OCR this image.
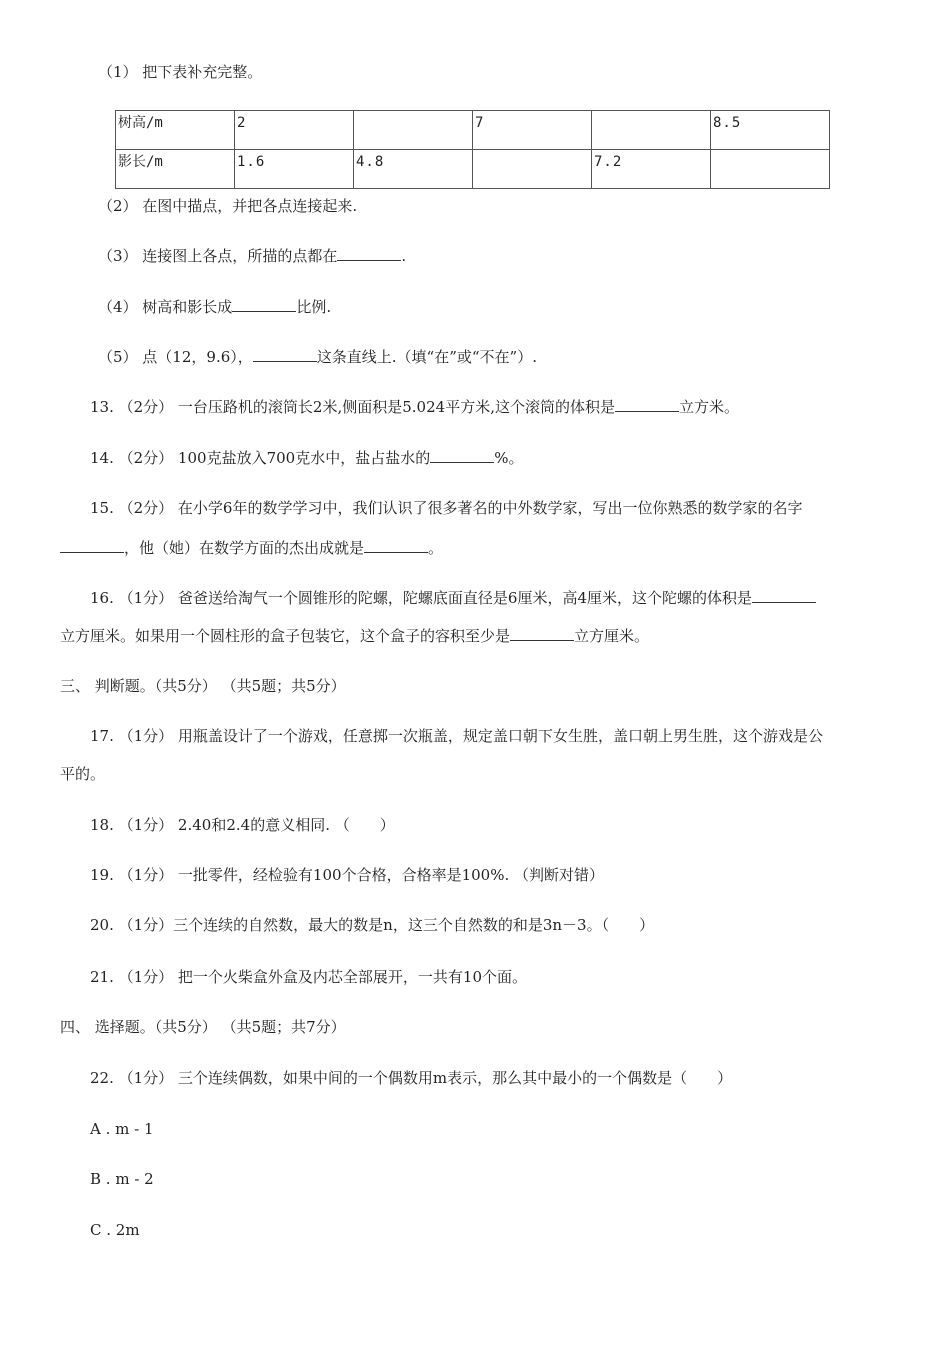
（1） 把下表补充完整。
树高/m	2		7		8.5
影长/m	1.6	4.8		7.2	
（2） 在图中描点，并把各点连接起来.
（3） 连接图上各点，所描的点都在	.
（4） 树高和影长成	比例.
（5） 点（12，9.6），	这条直线上.（填“在”或“不在”）.
13. （2分） 一台压路机的滚筒长2米,侧面积是5.024平方米,这个滚筒的体积是	立方米。
14. （2分） 100克盐放入700克水中，盐占盐水的	%。
15. （2分） 在小学6年的数学学习中，我们认识了很多著名的中外数学家，写出一位你熟悉的数学家的名字
，他（她）在数学方面的杰出成就是	。
16. （1分） 爸爸送给淘气一个圆锥形的陀螺，陀螺底面直径是6厘米，高4厘米，这个陀螺的体积是
立方厘米。如果用一个圆柱形的盒子包装它，这个盒子的容积至少是	立方厘米。
三、 判断题。（共5分） （共5题；共5分）
17. （1分） 用瓶盖设计了一个游戏，任意掷一次瓶盖，规定盖口朝下女生胜，盖口朝上男生胜，这个游戏是公
平的。
18. （1分） 2.40和2.4的意义相同. （　　）
19. （1分） 一批零件，经检验有100个合格，合格率是100%. （判断对错）
20. （1分）三个连续的自然数，最大的数是n，这三个自然数的和是3n－3。（　　）
21. （1分） 把一个火柴盒外盒及内芯全部展开，一共有10个面。
四、 选择题。（共5分） （共5题；共7分）
22. （1分） 三个连续偶数，如果中间的一个偶数用m表示，那么其中最小的一个偶数是（　　）
A . m - 1
B . m - 2
C . 2m
